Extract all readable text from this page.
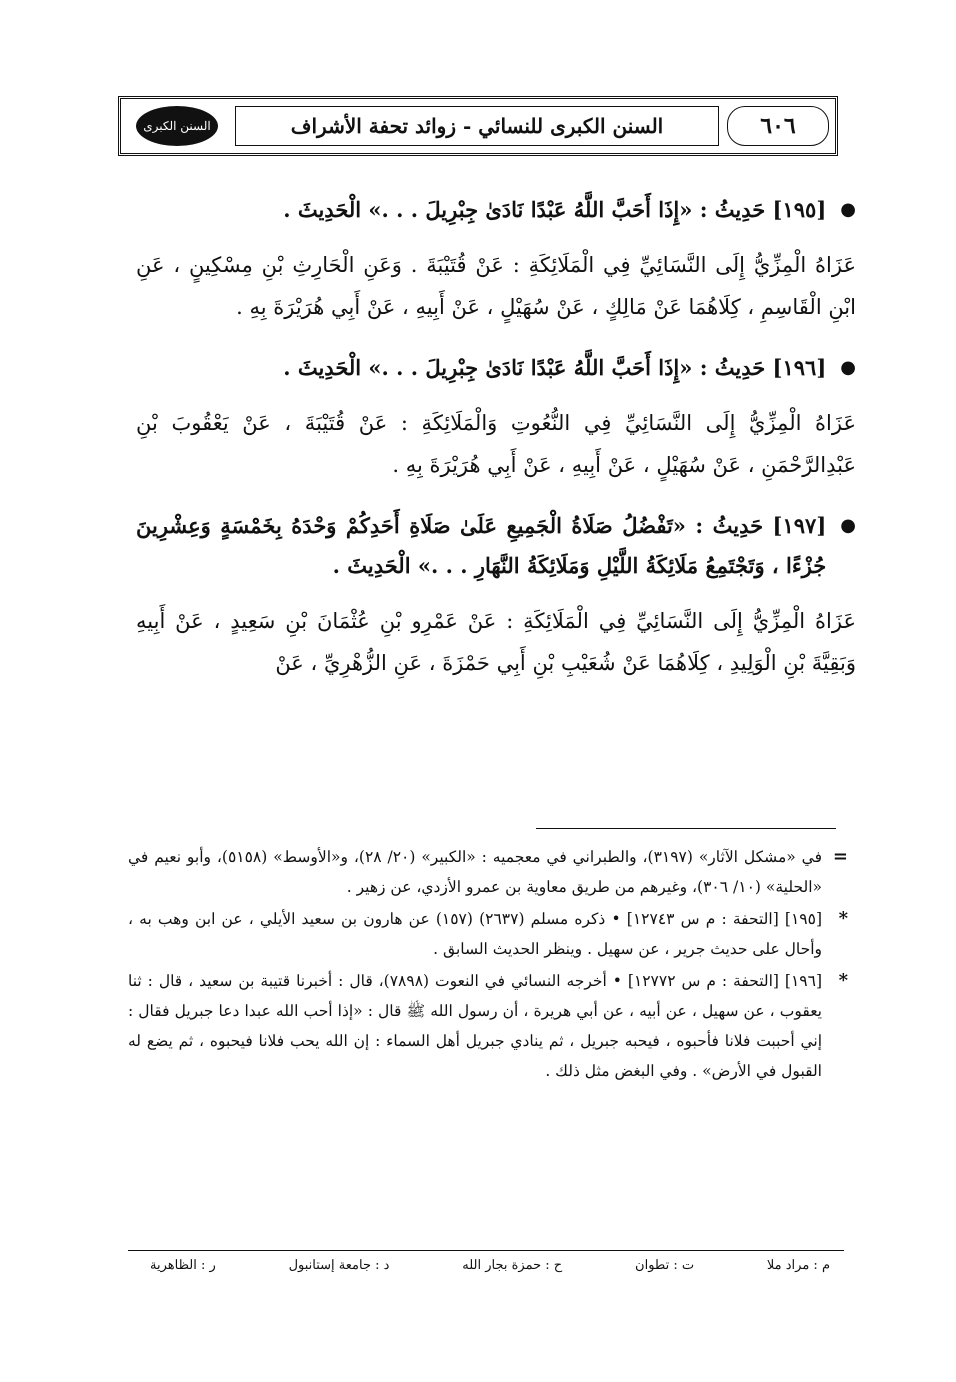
٦٠٦
السنن الكبرى للنسائي - زوائد تحفة الأشراف
السنن الكبرى
●
[١٩٥] حَدِيثُ : «إِذَا أَحَبَّ اللَّهُ عَبْدًا نَادَىٰ جِبْرِيلَ . . .» الْحَدِيثَ .

عَزَاهُ الْمِزِّيُّ إِلَى النَّسَائِيِّ فِي الْمَلَائِكَةِ : عَنْ قُتَيْبَةَ . وَعَنِ الْحَارِثِ بْنِ مِسْكِينٍ ، عَنِ ابْنِ الْقَاسِمِ ، كِلَاهُمَا عَنْ مَالِكٍ ، عَنْ سُهَيْلٍ ، عَنْ أَبِيهِ ، عَنْ أَبِي هُرَيْرَةَ بِهِ .

●
[١٩٦] حَدِيثُ : «إِذَا أَحَبَّ اللَّهُ عَبْدًا نَادَىٰ جِبْرِيلَ . . .» الْحَدِيثَ .

عَزَاهُ الْمِزِّيُّ إِلَى النَّسَائِيِّ فِي النُّعُوتِ وَالْمَلَائِكَةِ : عَنْ قُتَيْبَةَ ، عَنْ يَعْقُوبَ بْنِ عَبْدِالرَّحْمَنِ ، عَنْ سُهَيْلٍ ، عَنْ أَبِيهِ ، عَنْ أَبِي هُرَيْرَةَ بِهِ .

●
[١٩٧] حَدِيثُ : «تَفْضُلُ صَلَاةُ الْجَمِيعِ عَلَىٰ صَلَاةِ أَحَدِكُمْ وَحْدَهُ بِخَمْسَةٍ وَعِشْرِينَ جُزْءًا ، وَتَجْتَمِعُ مَلَائِكَةُ اللَّيْلِ وَمَلَائِكَةُ النَّهَارِ . . .» الْحَدِيثَ .

عَزَاهُ الْمِزِّيُّ إِلَى النَّسَائِيِّ فِي الْمَلَائِكَةِ : عَنْ عَمْرِو بْنِ عُثْمَانَ بْنِ سَعِيدٍ ، عَنْ أَبِيهِ وَبَقِيَّةَ بْنِ الْوَلِيدِ ، كِلَاهُمَا عَنْ شُعَيْبِ بْنِ أَبِي حَمْزَةَ ، عَنِ الزُّهْرِيِّ ، عَنْ

=
في «مشكل الآثار» (٣١٩٧)، والطبراني في معجميه : «الكبير» (٢٠/ ٢٨)، و«الأوسط» (٥١٥٨)، وأبو نعيم في «الحلية» (١٠/ ٣٠٦)، وغيرهم من طريق معاوية بن عمرو الأزدي، عن زهير .
*
[١٩٥] [التحفة : م س ١٢٧٤٣] • ذكره مسلم (٢٦٣٧) (١٥٧) عن هارون بن سعيد الأيلي ، عن ابن وهب به ، وأحال على حديث جرير ، عن سهيل . وينظر الحديث السابق .
*
[١٩٦] [التحفة : م س ١٢٧٧٢] • أخرجه النسائي في النعوت (٧٨٩٨)، قال : أخبرنا قتيبة بن سعيد ، قال : ثنا يعقوب ، عن سهيل ، عن أبيه ، عن أبي هريرة ، أن رسول الله ﷺ قال : «إذا أحب الله عبدا دعا جبريل فقال : إني أحببت فلانا فأحبوه ، فيحبه جبريل ، ثم ينادي جبريل أهل السماء : إن الله يحب فلانا فيحبوه ، ثم يضع له القبول في الأرض» . وفي البغض مثل ذلك .
م : مراد ملا
ت : تطوان
ح : حمزة بجار الله
د : جامعة إستانبول
ر : الظاهرية
